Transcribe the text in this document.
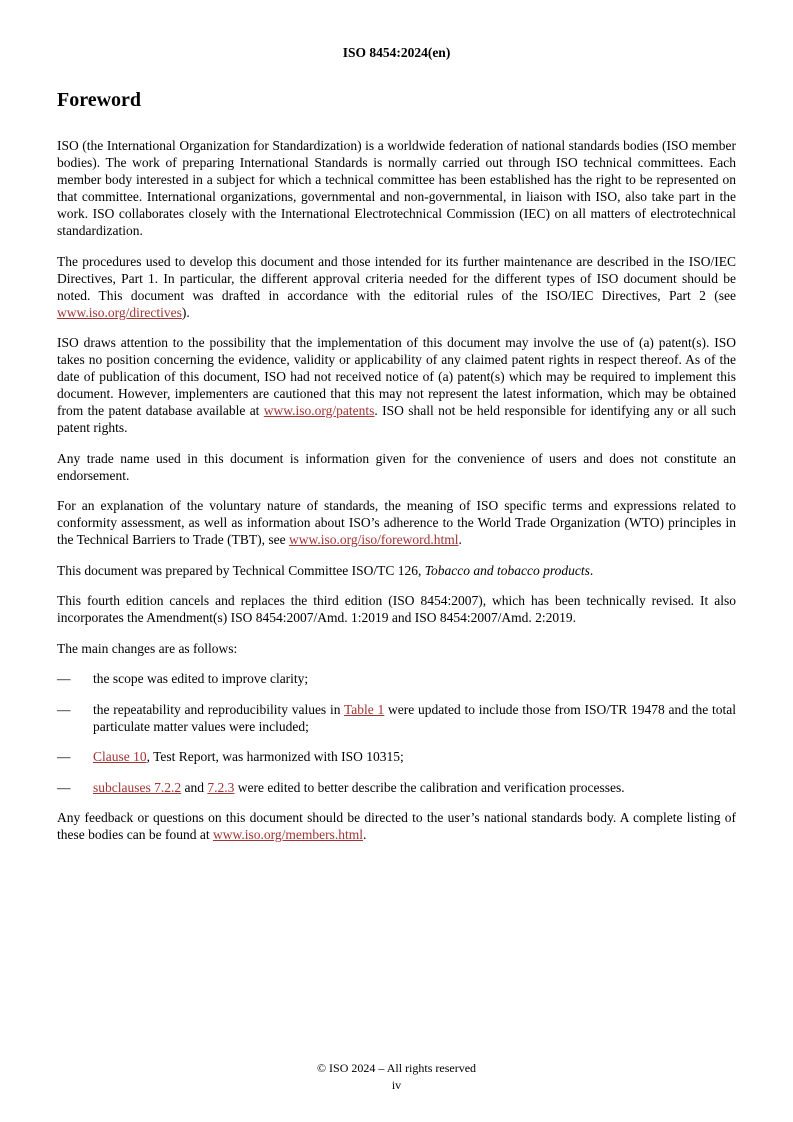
ISO 8454:2024(en)
Foreword

ISO (the International Organization for Standardization) is a worldwide federation of national standards bodies (ISO member bodies). The work of preparing International Standards is normally carried out through ISO technical committees. Each member body interested in a subject for which a technical committee has been established has the right to be represented on that committee. International organizations, governmental and non-governmental, in liaison with ISO, also take part in the work. ISO collaborates closely with the International Electrotechnical Commission (IEC) on all matters of electrotechnical standardization.

The procedures used to develop this document and those intended for its further maintenance are described in the ISO/IEC Directives, Part 1. In particular, the different approval criteria needed for the different types of ISO document should be noted. This document was drafted in accordance with the editorial rules of the ISO/IEC Directives, Part 2 (see www.iso.org/directives).

ISO draws attention to the possibility that the implementation of this document may involve the use of (a) patent(s). ISO takes no position concerning the evidence, validity or applicability of any claimed patent rights in respect thereof. As of the date of publication of this document, ISO had not received notice of (a) patent(s) which may be required to implement this document. However, implementers are cautioned that this may not represent the latest information, which may be obtained from the patent database available at www.iso.org/patents. ISO shall not be held responsible for identifying any or all such patent rights.

Any trade name used in this document is information given for the convenience of users and does not constitute an endorsement.

For an explanation of the voluntary nature of standards, the meaning of ISO specific terms and expressions related to conformity assessment, as well as information about ISO’s adherence to the World Trade Organization (WTO) principles in the Technical Barriers to Trade (TBT), see www.iso.org/iso/foreword.html.

This document was prepared by Technical Committee ISO/TC 126, Tobacco and tobacco products.

This fourth edition cancels and replaces the third edition (ISO 8454:2007), which has been technically revised. It also incorporates the Amendment(s) ISO 8454:2007/Amd. 1:2019 and ISO 8454:2007/Amd. 2:2019.

The main changes are as follows:

—	the scope was edited to improve clarity;
—	the repeatability and reproducibility values in Table 1 were updated to include those from ISO/TR 19478 and the total particulate matter values were included;
—	Clause 10, Test Report, was harmonized with ISO 10315;
—	subclauses 7.2.2 and 7.2.3 were edited to better describe the calibration and verification processes.

Any feedback or questions on this document should be directed to the user’s national standards body. A complete listing of these bodies can be found at www.iso.org/members.html.

© ISO 2024 – All rights reserved
iv
